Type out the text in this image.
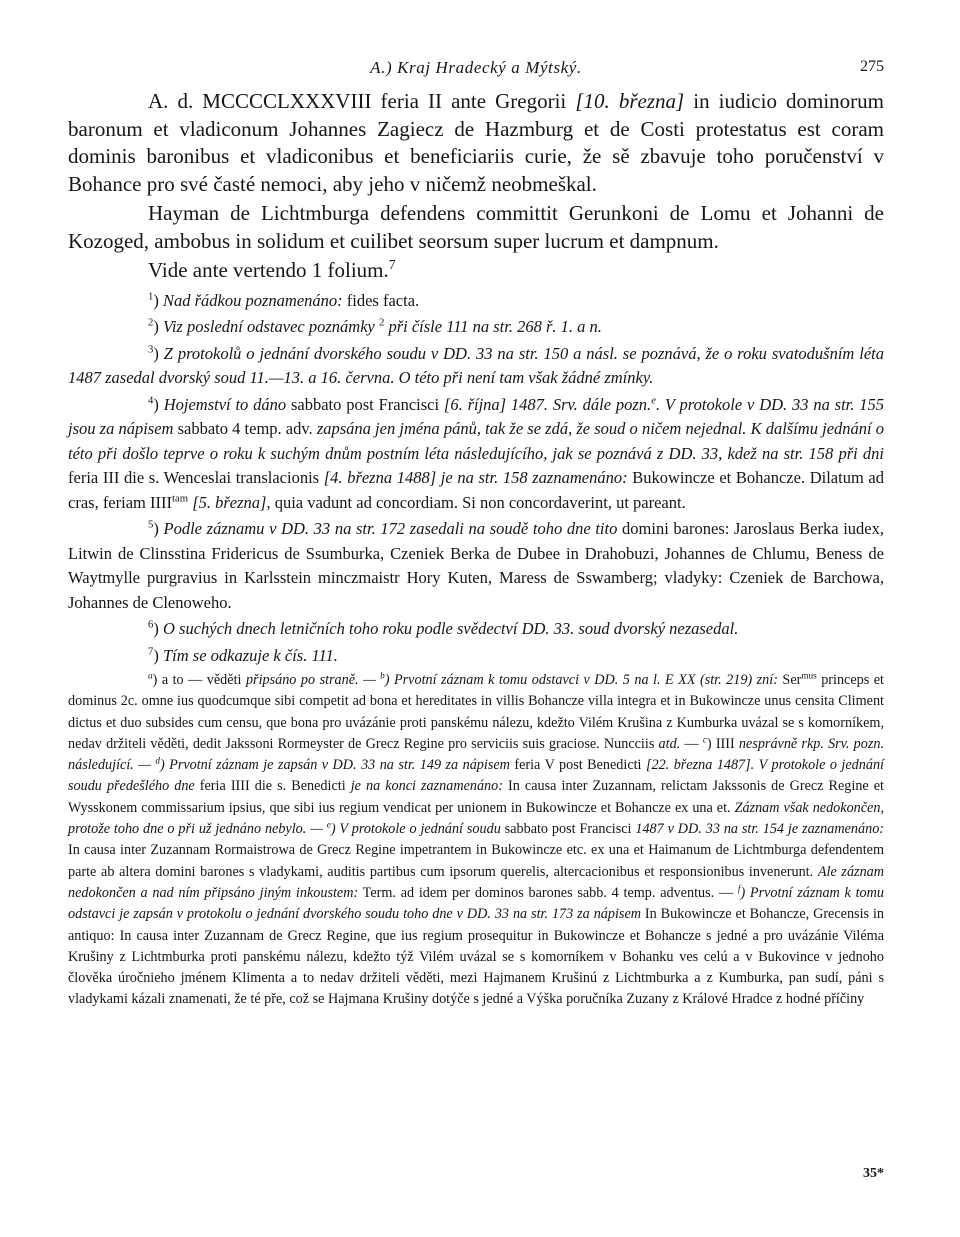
A.) Kraj Hradecký a Mýtský.	275

A. d. MCCCCLXXXVIII feria II ante Gregorii [10. března] in iudicio dominorum baronum et vladiconum Johannes Zagiecz de Hazmburg et de Costi protestatus est coram dominis baronibus et vladiconibus et beneficiariis curie, že sě zbavuje toho poručenství v Bohance pro své časté nemoci, aby jeho v ničemž neobmeškal.

Hayman de Lichtmburga defendens committit Gerunkoni de Lomu et Johanni de Kozoged, ambobus in solidum et cuilibet seorsum super lucrum et dampnum.

Vide ante vertendo 1 folium.$^7$

$^1$) Nad řádkou poznamenáno: fides facta.

$^2$) Viz poslední odstavec poznámky $^2$ při čísle 111 na str. 268 ř. 1. a n.

$^3$) Z protokolů o jednání dvorského soudu v DD. 33 na str. 150 a násl. se poznává, že o roku svatodušním léta 1487 zasedal dvorský soud 11.—13. a 16. června. O této při není tam však žádné zmínky.

$^4$) Hojemství to dáno sabbato post Francisci [6. října] 1487. Srv. dále pozn.$^e$. V protokole v DD. 33 na str. 155 jsou za nápisem sabbato 4 temp. adv. zapsána jen jména pánů, tak že se zdá, že soud o ničem nejednal. K dalšímu jednání o této při došlo teprve o roku k suchým dnům postním léta následujícího, jak se poznává z DD. 33, kdež na str. 158 při dni feria III die s. Wenceslai translacionis [4. března 1488] je na str. 158 zaznamenáno: Bukowincze et Bohancze. Dilatum ad cras, feriam $IIII^{tam}$ [5. března], quia vadunt ad concordiam. Si non concordaverint, ut pareant.

$^5$) Podle záznamu v DD. 33 na str. 172 zasedali na soudě toho dne tito domini barones: Jaroslaus Berka iudex, Litwin de Clinsstina Fridericus de Ssumburka, Czeniek Berka de Dubee in Drahobuzi, Johannes de Chlumu, Beness de Waytmylle purgravius in Karlsstein minczmaistr Hory Kuten, Maress de Sswamberg; vladyky: Czeniek de Barchowa, Johannes de Clenoweho.

$^6$) O suchých dnech letničních toho roku podle svědectví DD. 33. soud dvorský nezasedal.

$^7$) Tím se odkazuje k čís. 111.

$^a$) a to — věděti připsáno po straně. — $^b$) Prvotní záznam k tomu odstavci v DD. 5 na l. E XX (str. 219) zní: Ser$^{mus}$ princeps et dominus 2c. omne ius quodcumque sibi competit ad bona et hereditates in villis Bohancze villa integra et in Bukowincze unus censita Climent dictus et duo subsides cum censu, que bona pro uvázánie proti panskému nálezu, kdežto Vilém Krušina z Kumburka uvázal se s komorníkem, nedav držiteli věděti, dedit Jakssoni Rormeyster de Grecz Regine pro serviciis suis graciose. Nuncciis atd. — $^c$) IIII nesprávně rkp. Srv. pozn. následující. — $^d$) Prvotní záznam je zapsán v DD. 33 na str. 149 za nápisem feria V post Benedicti [22. března 1487]. V protokole o jednání soudu předešlého dne feria IIII die s. Benedicti je na konci zaznamenáno: In causa inter Zuzannam, relictam Jakssonis de Grecz Regine et Wysskonem commissarium ipsius, que sibi ius regium vendicat per unionem in Bukowincze et Bohancze ex una et. Záznam však nedokončen, protože toho dne o při už jednáno nebylo. — $^e$) V protokole o jednání soudu sabbato post Francisci 1487 v DD. 33 na str. 154 je zaznamenáno: In causa inter Zuzannam Rormaistrowa de Grecz Regine impetrantem in Bukowincze etc. ex una et Haimanum de Lichtmburga defendentem parte ab altera domini barones s vladykami, auditis partibus cum ipsorum querelis, altercacionibus et responsionibus invenerunt. Ale záznam nedokončen a nad ním připsáno jiným inkoustem: Term. ad idem per dominos barones sabb. 4 temp. adventus. — $^f$) Prvotní záznam k tomu odstavci je zapsán v protokolu o jednání dvorského soudu toho dne v DD. 33 na str. 173 za nápisem In Bukowincze et Bohancze, Grecensis in antiquo: In causa inter Zuzannam de Grecz Regine, que ius regium prosequitur in Bukowincze et Bohancze s jedné a pro uvázánie Viléma Krušiny z Lichtmburka proti panskému nálezu, kdežto týž Vilém uvázal se s komorníkem v Bohanku ves celú a v Bukovince v jednoho člověka úročnieho jménem Klimenta a to nedav držiteli věděti, mezi Hajmanem Krušinú z Lichtmburka a z Kumburka, pan sudí, páni s vladykami kázali znamenati, že té pře, což se Hajmana Krušiny dotýče s jedné a Výška poručníka Zuzany z Králové Hradce z hodné příčiny

35*
